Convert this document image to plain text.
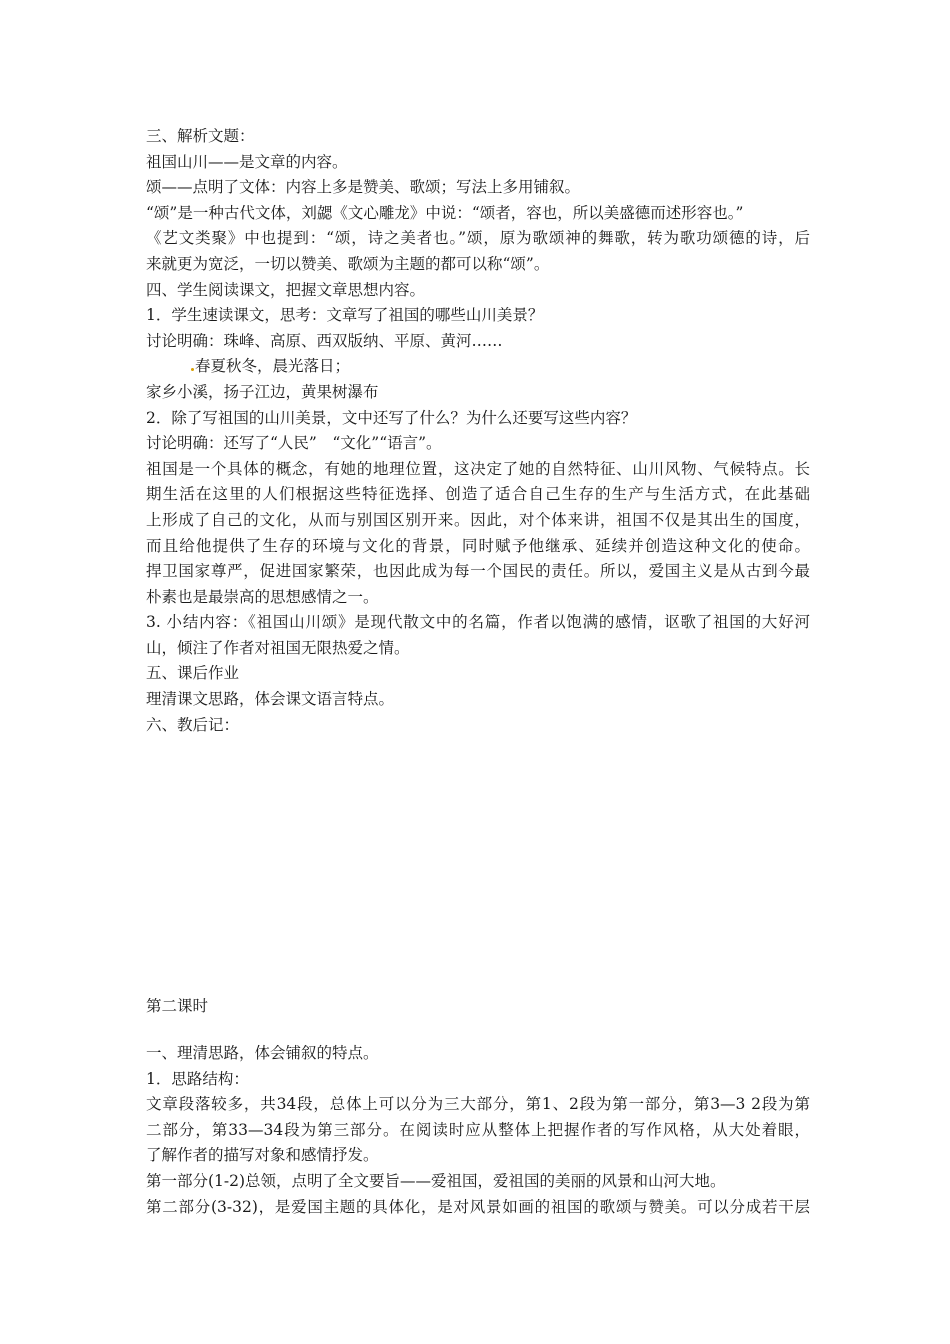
三、解析文题：
祖国山川——是文章的内容。
颂——点明了文体：内容上多是赞美、歌颂；写法上多用铺叙。
“颂”是一种古代文体，刘勰《文心雕龙》中说：“颂者，容也，所以美盛德而述形容也。”
《艺文类聚》中也提到：“颂，诗之美者也。”颂，原为歌颂神的舞歌，转为歌功颂德的诗，后
来就更为宽泛，一切以赞美、歌颂为主题的都可以称“颂”。
四、学生阅读课文，把握文章思想内容。
1．学生速读课文，思考：文章写了祖国的哪些山川美景？
讨论明确：珠峰、高原、西双版纳、平原、黄河……
春夏秋冬，晨光落日；
家乡小溪，扬子江边，黄果树瀑布
2．除了写祖国的山川美景，文中还写了什么？为什么还要写这些内容？
讨论明确：还写了“人民”　“文化”“语言”。
祖国是一个具体的概念，有她的地理位置，这决定了她的自然特征、山川风物、气候特点。长
期生活在这里的人们根据这些特征选择、创造了适合自己生存的生产与生活方式，在此基础
上形成了自己的文化，从而与别国区别开来。因此，对个体来讲，祖国不仅是其出生的国度，
而且给他提供了生存的环境与文化的背景，同时赋予他继承、延续并创造这种文化的使命。
捍卫国家尊严，促进国家繁荣，也因此成为每一个国民的责任。所以，爱国主义是从古到今最
朴素也是最崇高的思想感情之一。
3. 小结内容：《祖国山川颂》是现代散文中的名篇，作者以饱满的感情，讴歌了祖国的大好河
山，倾注了作者对祖国无限热爱之情。
五、课后作业
理清课文思路，体会课文语言特点。
六、教后记：
第二课时
一、理清思路，体会铺叙的特点。
1．思路结构：
文章段落较多，共34段，总体上可以分为三大部分，第1、2段为第一部分，第3—3 2段为第
二部分，第33—34段为第三部分。在阅读时应从整体上把握作者的写作风格，从大处着眼，
了解作者的描写对象和感情抒发。
第一部分(1-2)总领，点明了全文要旨——爱祖国，爱祖国的美丽的风景和山河大地。
第二部分(3-32)，是爱国主题的具体化，是对风景如画的祖国的歌颂与赞美。可以分成若干层
